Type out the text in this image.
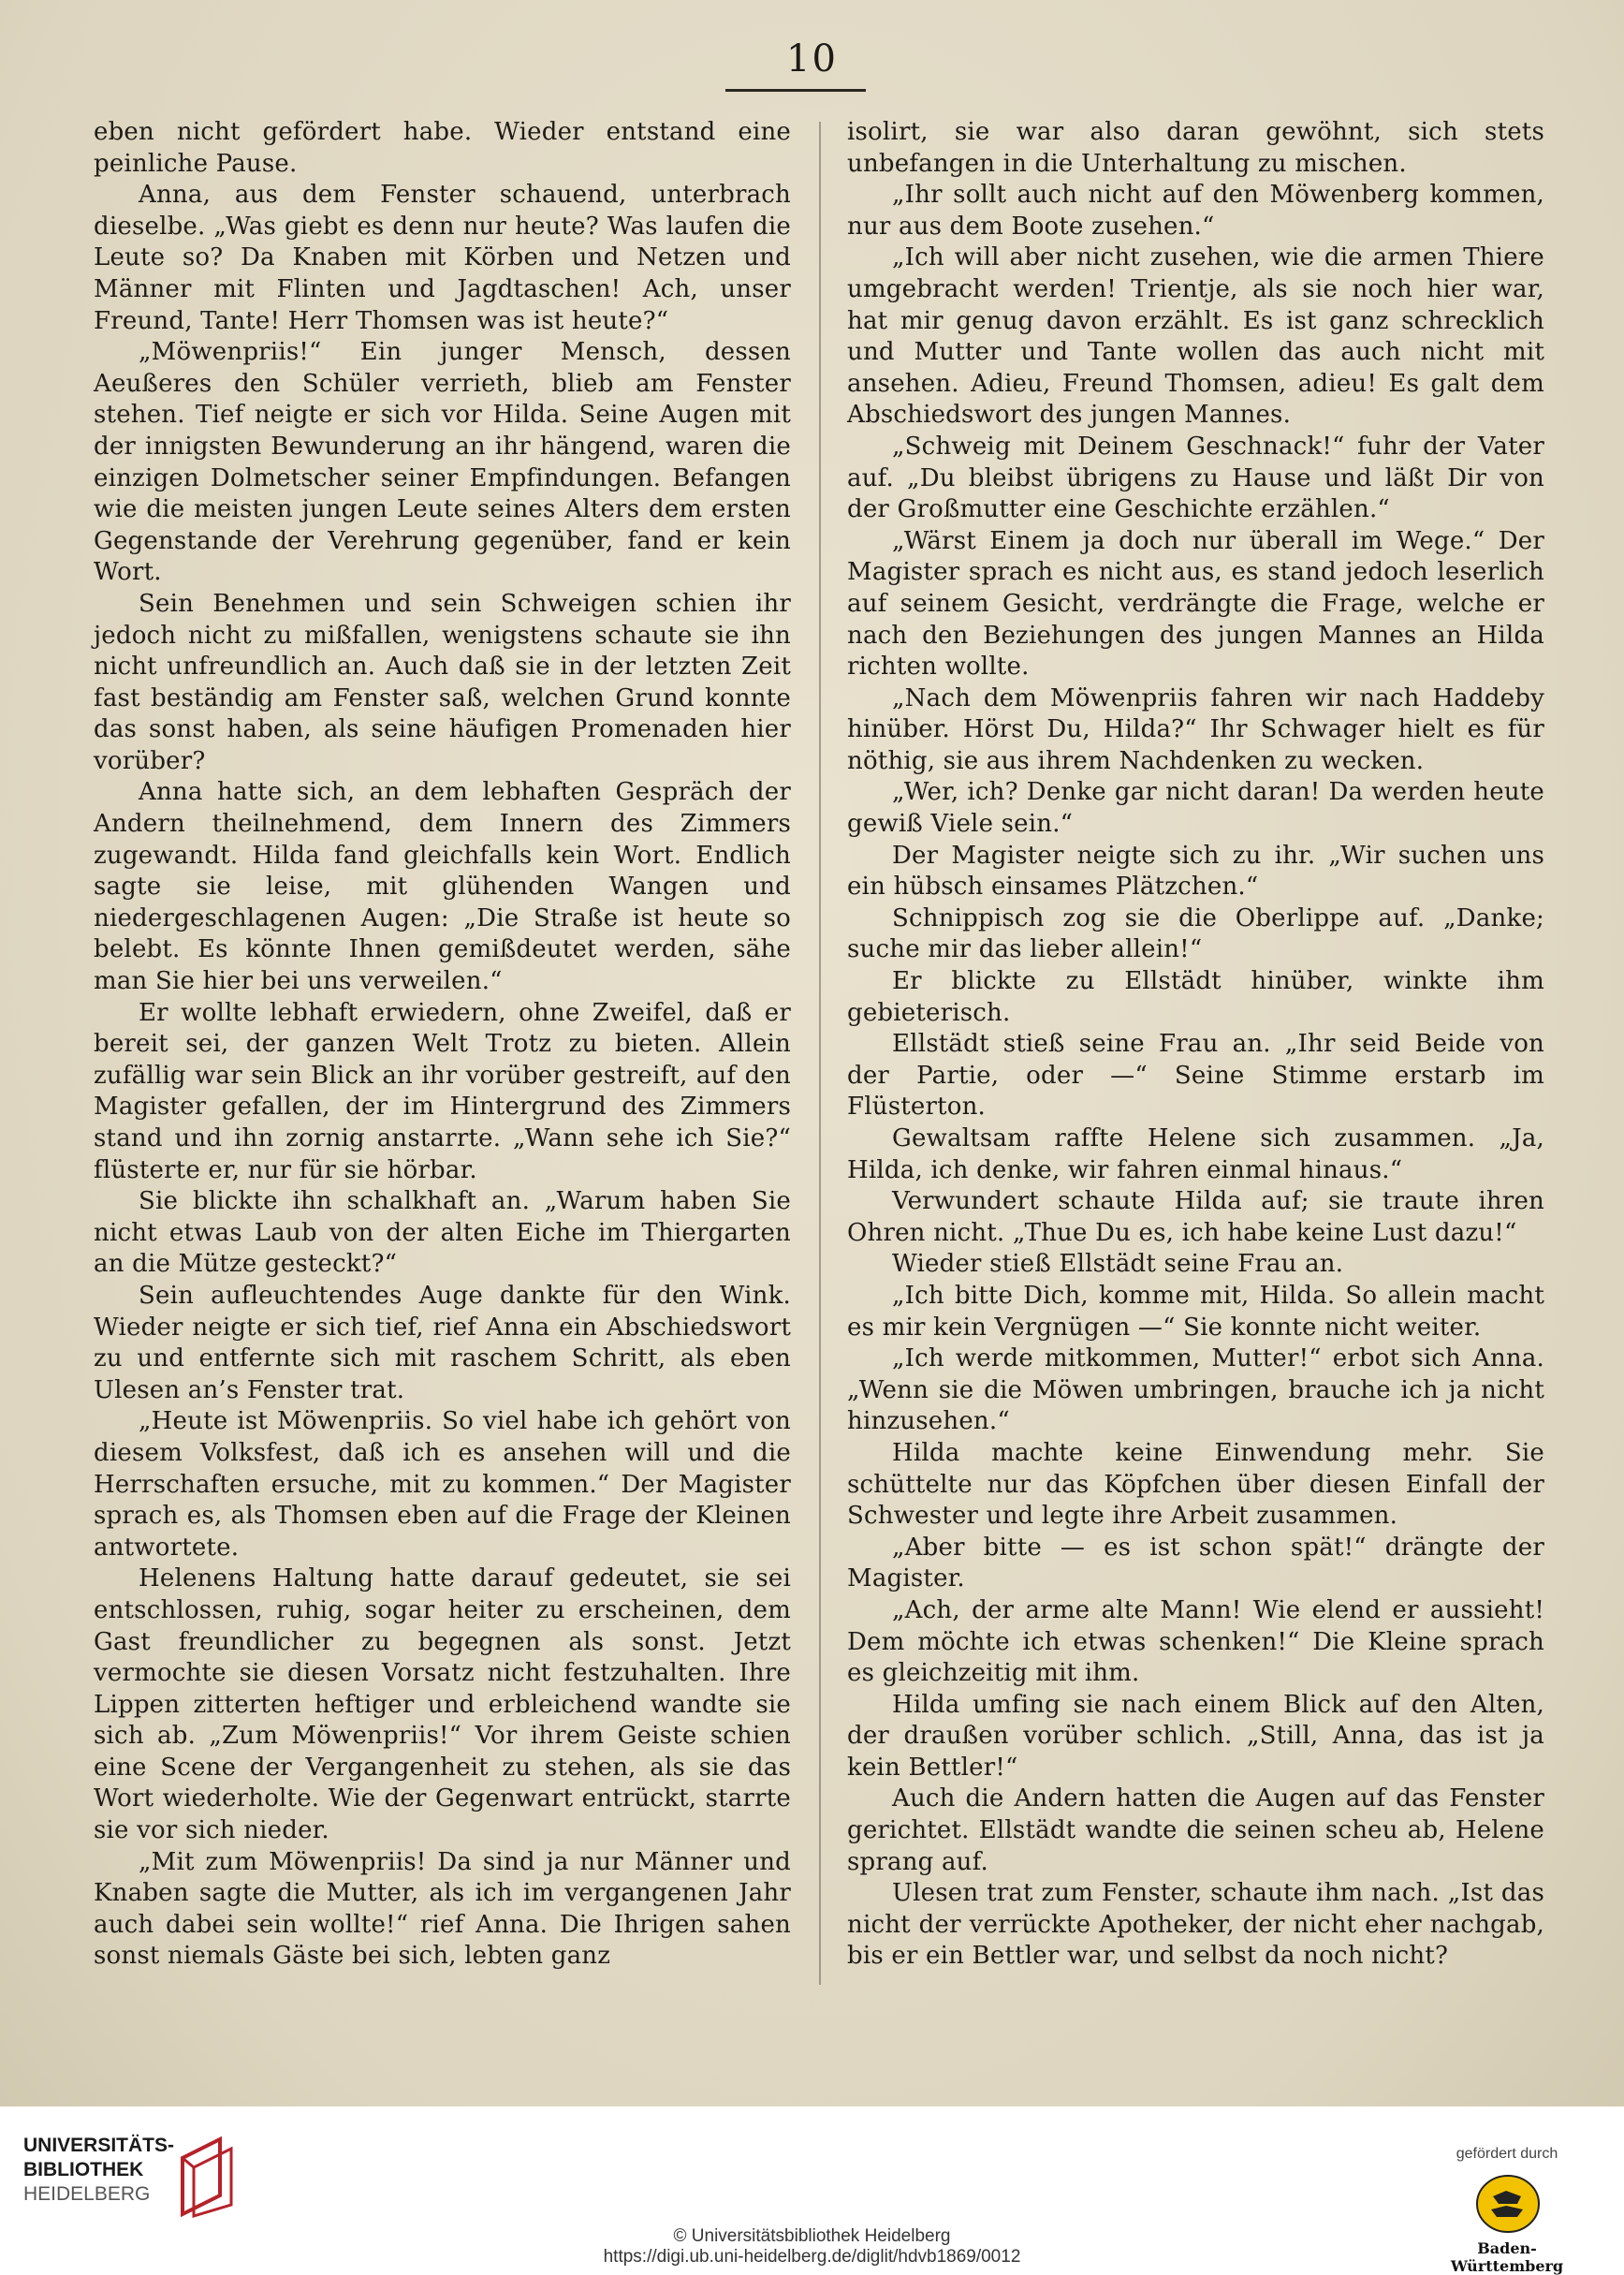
10

eben nicht gefördert habe. Wieder entstand eine peinliche Pause.

Anna, aus dem Fenster schauend, unterbrach dieselbe. „Was giebt es denn nur heute? Was laufen die Leute so? Da Knaben mit Körben und Netzen und Männer mit Flinten und Jagdtaschen! Ach, unser Freund, Tante! Herr Thomsen was ist heute?“

„Möwenpriis!“ Ein junger Mensch, dessen Aeußeres den Schüler verrieth, blieb am Fenster stehen. Tief neigte er sich vor Hilda. Seine Augen mit der innigsten Bewunderung an ihr hängend, waren die einzigen Dolmetscher seiner Empfindungen. Befangen wie die meisten jungen Leute seines Alters dem ersten Gegenstande der Verehrung gegenüber, fand er kein Wort.

Sein Benehmen und sein Schweigen schien ihr jedoch nicht zu mißfallen, wenigstens schaute sie ihn nicht unfreundlich an. Auch daß sie in der letzten Zeit fast beständig am Fenster saß, welchen Grund konnte das sonst haben, als seine häufigen Promenaden hier vorüber?

Anna hatte sich, an dem lebhaften Gespräch der Andern theilnehmend, dem Innern des Zimmers zugewandt. Hilda fand gleichfalls kein Wort. Endlich sagte sie leise, mit glühenden Wangen und niedergeschlagenen Augen: „Die Straße ist heute so belebt. Es könnte Ihnen gemißdeutet werden, sähe man Sie hier bei uns verweilen.“

Er wollte lebhaft erwiedern, ohne Zweifel, daß er bereit sei, der ganzen Welt Trotz zu bieten. Allein zufällig war sein Blick an ihr vorüber gestreift, auf den Magister gefallen, der im Hintergrund des Zimmers stand und ihn zornig anstarrte. „Wann sehe ich Sie?“ flüsterte er, nur für sie hörbar.

Sie blickte ihn schalkhaft an. „Warum haben Sie nicht etwas Laub von der alten Eiche im Thiergarten an die Mütze gesteckt?“

Sein aufleuchtendes Auge dankte für den Wink. Wieder neigte er sich tief, rief Anna ein Abschiedswort zu und entfernte sich mit raschem Schritt, als eben Ulesen an’s Fenster trat.

„Heute ist Möwenpriis. So viel habe ich gehört von diesem Volksfest, daß ich es ansehen will und die Herrschaften ersuche, mit zu kommen.“ Der Magister sprach es, als Thomsen eben auf die Frage der Kleinen antwortete.

Helenens Haltung hatte darauf gedeutet, sie sei entschlossen, ruhig, sogar heiter zu erscheinen, dem Gast freundlicher zu begegnen als sonst. Jetzt vermochte sie diesen Vorsatz nicht festzuhalten. Ihre Lippen zitterten heftiger und erbleichend wandte sie sich ab. „Zum Möwenpriis!“ Vor ihrem Geiste schien eine Scene der Vergangenheit zu stehen, als sie das Wort wiederholte. Wie der Gegenwart entrückt, starrte sie vor sich nieder.

„Mit zum Möwenpriis! Da sind ja nur Männer und Knaben sagte die Mutter, als ich im vergangenen Jahr auch dabei sein wollte!“ rief Anna. Die Ihrigen sahen sonst niemals Gäste bei sich, lebten ganz

isolirt, sie war also daran gewöhnt, sich stets unbefangen in die Unterhaltung zu mischen.

„Ihr sollt auch nicht auf den Möwenberg kommen, nur aus dem Boote zusehen.“

„Ich will aber nicht zusehen, wie die armen Thiere umgebracht werden! Trientje, als sie noch hier war, hat mir genug davon erzählt. Es ist ganz schrecklich und Mutter und Tante wollen das auch nicht mit ansehen. Adieu, Freund Thomsen, adieu! Es galt dem Abschiedswort des jungen Mannes.

„Schweig mit Deinem Geschnack!“ fuhr der Vater auf. „Du bleibst übrigens zu Hause und läßt Dir von der Großmutter eine Geschichte erzählen.“

„Wärst Einem ja doch nur überall im Wege.“ Der Magister sprach es nicht aus, es stand jedoch leserlich auf seinem Gesicht, verdrängte die Frage, welche er nach den Beziehungen des jungen Mannes an Hilda richten wollte.

„Nach dem Möwenpriis fahren wir nach Haddeby hinüber. Hörst Du, Hilda?“ Ihr Schwager hielt es für nöthig, sie aus ihrem Nachdenken zu wecken.

„Wer, ich? Denke gar nicht daran! Da werden heute gewiß Viele sein.“

Der Magister neigte sich zu ihr. „Wir suchen uns ein hübsch einsames Plätzchen.“

Schnippisch zog sie die Oberlippe auf. „Danke; suche mir das lieber allein!“

Er blickte zu Ellstädt hinüber, winkte ihm gebieterisch.

Ellstädt stieß seine Frau an. „Ihr seid Beide von der Partie, oder —“ Seine Stimme erstarb im Flüsterton.

Gewaltsam raffte Helene sich zusammen. „Ja, Hilda, ich denke, wir fahren einmal hinaus.“

Verwundert schaute Hilda auf; sie traute ihren Ohren nicht. „Thue Du es, ich habe keine Lust dazu!“

Wieder stieß Ellstädt seine Frau an.

„Ich bitte Dich, komme mit, Hilda. So allein macht es mir kein Vergnügen —“ Sie konnte nicht weiter.

„Ich werde mitkommen, Mutter!“ erbot sich Anna. „Wenn sie die Möwen umbringen, brauche ich ja nicht hinzusehen.“

Hilda machte keine Einwendung mehr. Sie schüttelte nur das Köpfchen über diesen Einfall der Schwester und legte ihre Arbeit zusammen.

„Aber bitte — es ist schon spät!“ drängte der Magister.

„Ach, der arme alte Mann! Wie elend er aussieht! Dem möchte ich etwas schenken!“ Die Kleine sprach es gleichzeitig mit ihm.

Hilda umfing sie nach einem Blick auf den Alten, der draußen vorüber schlich. „Still, Anna, das ist ja kein Bettler!“

Auch die Andern hatten die Augen auf das Fenster gerichtet. Ellstädt wandte die seinen scheu ab, Helene sprang auf.

Ulesen trat zum Fenster, schaute ihm nach. „Ist das nicht der verrückte Apotheker, der nicht eher nachgab, bis er ein Bettler war, und selbst da noch nicht?

UNIVERSITÄTS-
BIBLIOTHEK
HEIDELBERG
© Universitätsbibliothek Heidelberg
https://digi.ub.uni-heidelberg.de/diglit/hdvb1869/0012
gefördert durch
Baden-Württemberg
